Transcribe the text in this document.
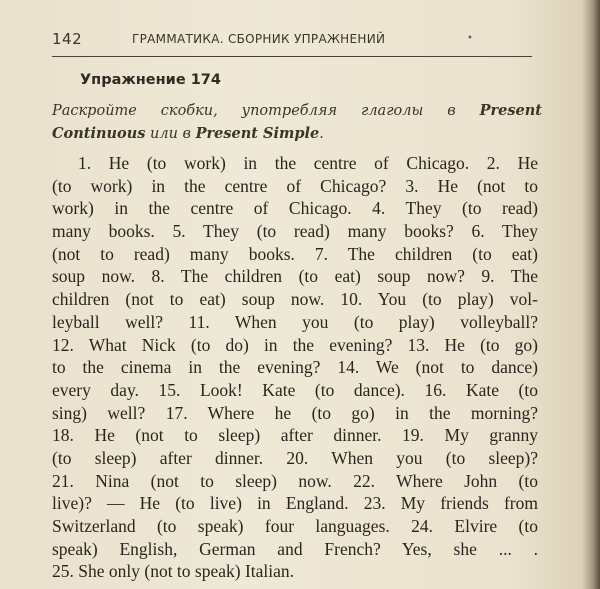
142	ГРАММАТИКА. СБОРНИК УПРАЖНЕНИЙ	•
Упражнение 174
Раскройте скобки, употребляя глаголы в Present
Continuous или в Present Simple.
1. He (to work) in the centre of Chicago. 2. He
(to work) in the centre of Chicago? 3. He (not to
work) in the centre of Chicago. 4. They (to read)
many books. 5. They (to read) many books? 6. They
(not to read) many books. 7. The children (to eat)
soup now. 8. The children (to eat) soup now? 9. The
children (not to eat) soup now. 10. You (to play) vol-
leyball well? 11. When you (to play) volleyball?
12. What Nick (to do) in the evening? 13. He (to go)
to the cinema in the evening? 14. We (not to dance)
every day. 15. Look! Kate (to dance). 16. Kate (to
sing) well? 17. Where he (to go) in the morning?
18. He (not to sleep) after dinner. 19. My granny
(to sleep) after dinner. 20. When you (to sleep)?
21. Nina (not to sleep) now. 22. Where John (to
live)? — He (to live) in England. 23. My friends from
Switzerland (to speak) four languages. 24. Elvire (to
speak) English, German and French? Yes, she ... .
25. She only (not to speak) Italian.
